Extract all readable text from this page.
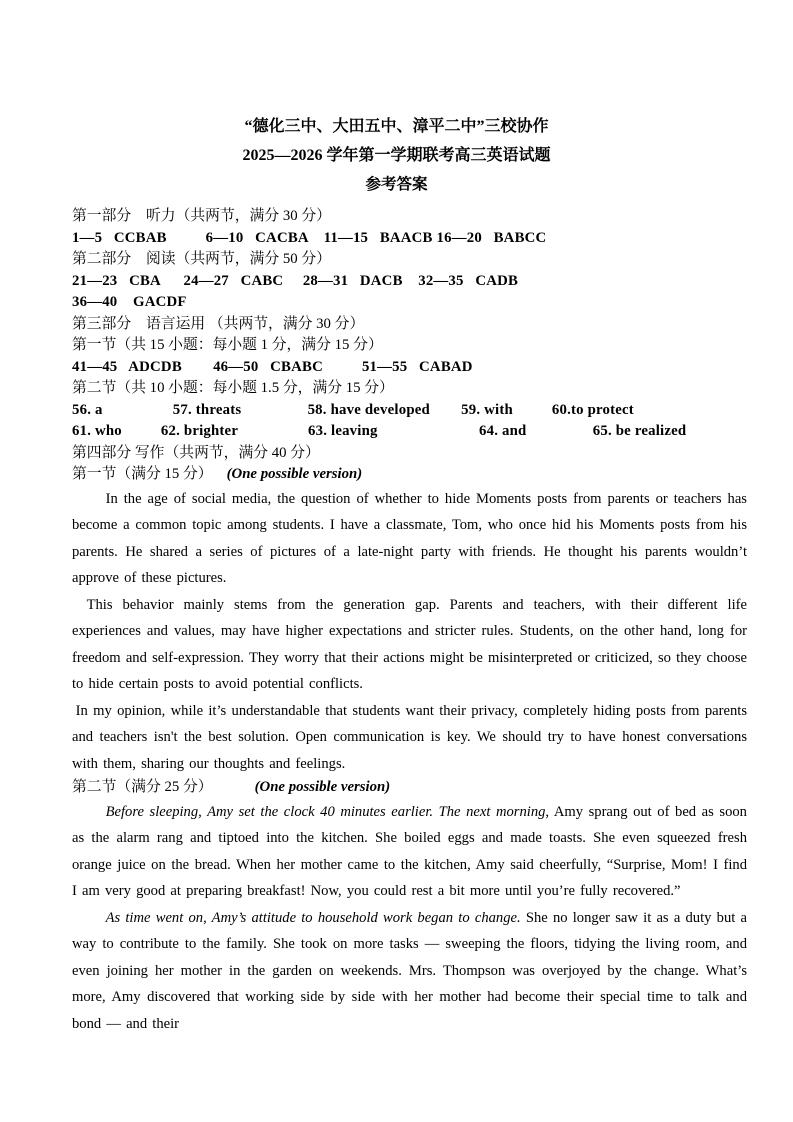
“德化三中、大田五中、漳平二中”三校协作
2025—2026 学年第一学期联考高三英语试题
参考答案
第一部分　听力（共两节，满分 30 分）
1—5   CCBAB          6—10   CACBA    11—15   BAACB 16—20   BABCC
第二部分　阅读（共两节，满分 50 分）
21—23   CBA      24—27   CABC     28—31   DACB    32—35   CADB
36—40    GACDF
第三部分　语言运用 （共两节，满分 30 分）
第一节（共 15 小题：每小题 1 分，满分 15 分）
41—45   ADCDB        46—50   CBABC          51—55   CABAD
第二节（共 10 小题：每小题 1.5 分，满分 15 分）
56. a                  57. threats                 58. have developed        59. with          60.to protect
61. who          62. brighter                  63. leaving                          64. and                 65. be realized
第四部分 写作（共两节，满分 40 分）
第一节（满分 15 分） (One possible version)

In the age of social media, the question of whether to hide Moments posts from parents or teachers has become a common topic among students. I have a classmate, Tom, who once hid his Moments posts from his parents. He shared a series of pictures of a late-night party with friends. He thought his parents wouldn’t approve of these pictures.

This behavior mainly stems from the generation gap. Parents and teachers, with their different life experiences and values, may have higher expectations and stricter rules. Students, on the other hand, long for freedom and self-expression. They worry that their actions might be misinterpreted or criticized, so they choose to hide certain posts to avoid potential conflicts.

In my opinion, while it’s understandable that students want their privacy, completely hiding posts from parents and teachers isn't the best solution. Open communication is key. We should try to have honest conversations with them, sharing our thoughts and feelings.

第二节（满分 25 分）	(One possible version)

Before sleeping, Amy set the clock 40 minutes earlier. The next morning, Amy sprang out of bed as soon as the alarm rang and tiptoed into the kitchen. She boiled eggs and made toasts. She even squeezed fresh orange juice on the bread. When her mother came to the kitchen, Amy said cheerfully, “Surprise, Mom! I find I am very good at preparing breakfast! Now, you could rest a bit more until you’re fully recovered.”

As time went on, Amy’s attitude to household work began to change. She no longer saw it as a duty but a way to contribute to the family. She took on more tasks — sweeping the floors, tidying the living room, and even joining her mother in the garden on weekends. Mrs. Thompson was overjoyed by the change. What’s more, Amy discovered that working side by side with her mother had become their special time to talk and bond — and their
